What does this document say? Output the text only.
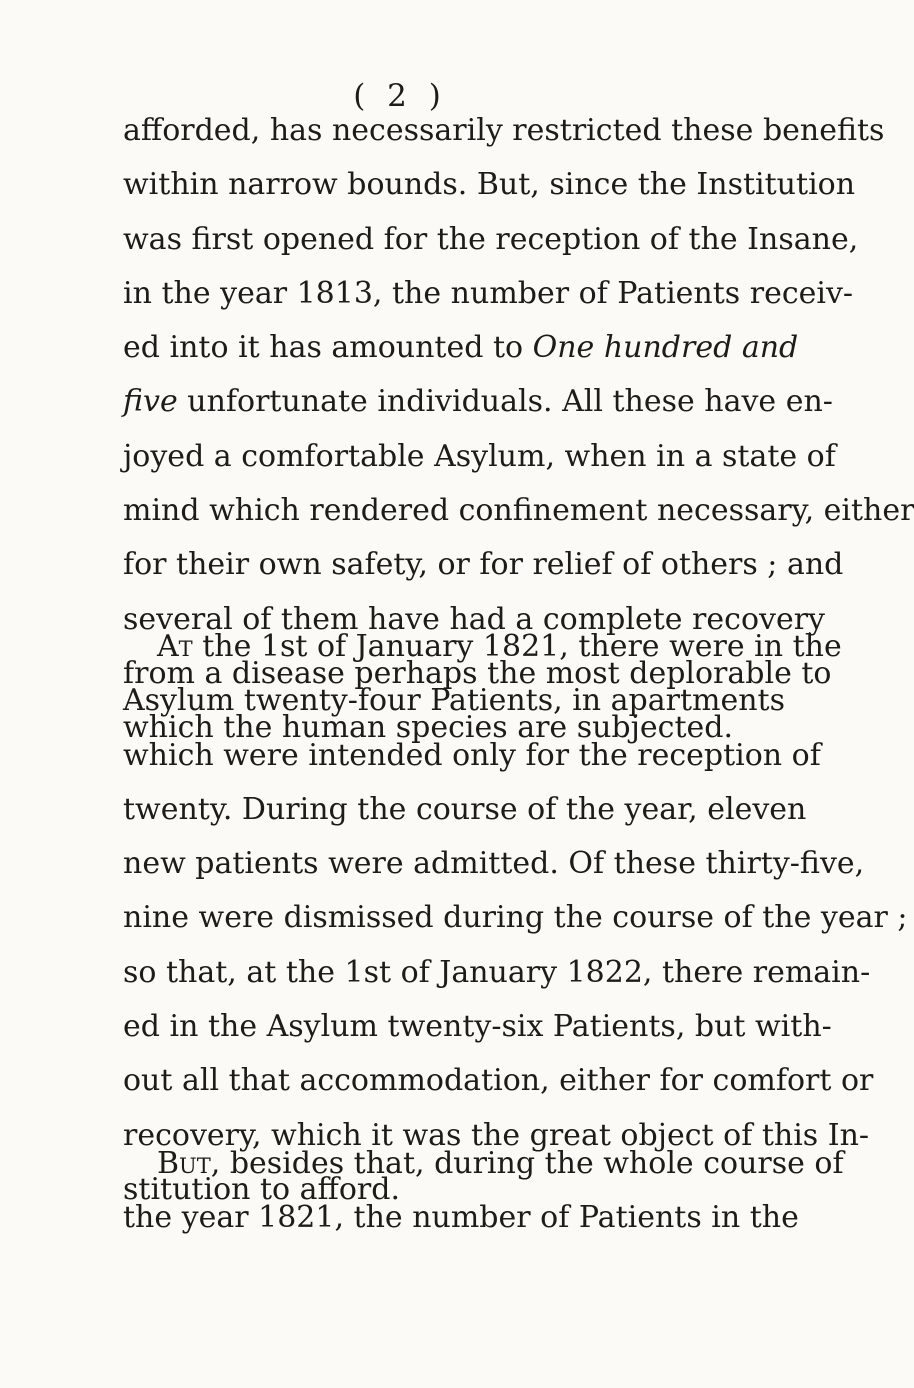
( 2 )
afforded, has necessarily restricted these benefits
within narrow bounds. But, since the Institution
was first opened for the reception of the Insane,
in the year 1813, the number of Patients receiv-
ed into it has amounted to One hundred and
five unfortunate individuals. All these have en-
joyed a comfortable Asylum, when in a state of
mind which rendered confinement necessary, either
for their own safety, or for relief of others ; and
several of them have had a complete recovery
from a disease perhaps the most deplorable to
which the human species are subjected.
At the 1st of January 1821, there were in the
Asylum twenty-four Patients, in apartments
which were intended only for the reception of
twenty. During the course of the year, eleven
new patients were admitted. Of these thirty-five,
nine were dismissed during the course of the year ;
so that, at the 1st of January 1822, there remain-
ed in the Asylum twenty-six Patients, but with-
out all that accommodation, either for comfort or
recovery, which it was the great object of this In-
stitution to afford.
But, besides that, during the whole course of
the year 1821, the number of Patients in the
